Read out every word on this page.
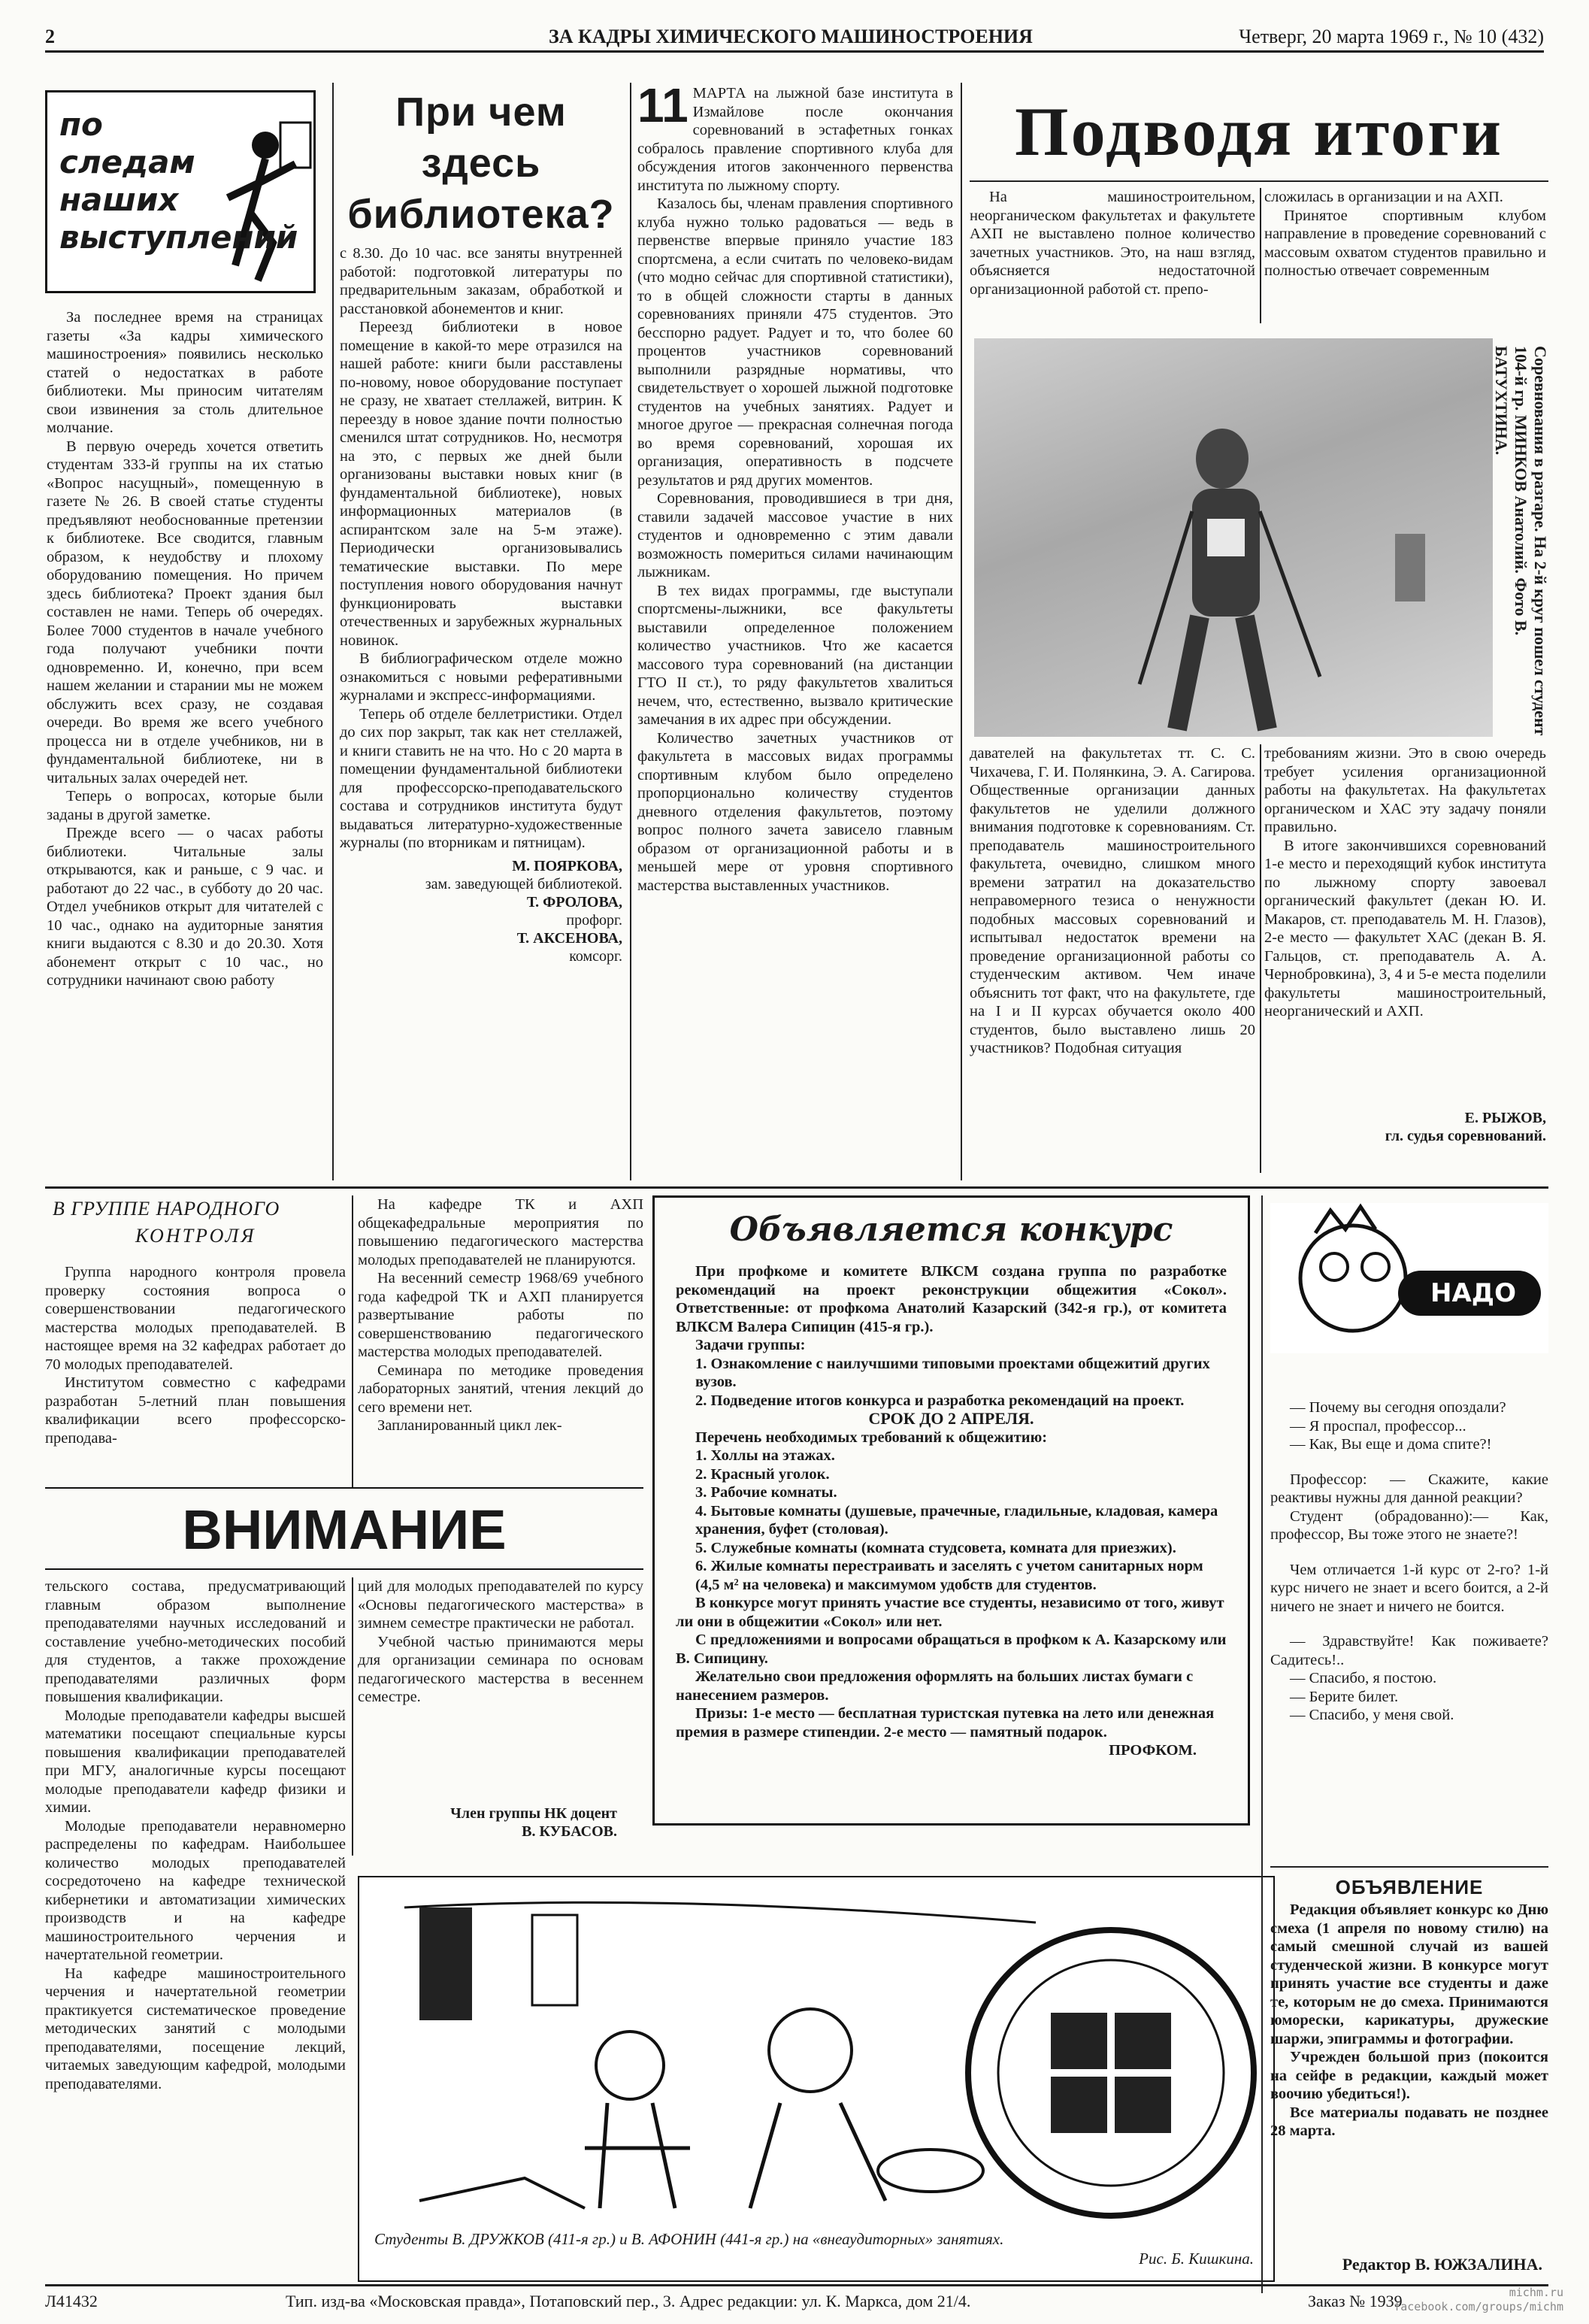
2	ЗА КАДРЫ ХИМИЧЕСКОГО МАШИНОСТРОЕНИЯ	Четверг, 20 марта 1969 г., № 10 (432)
по следам наших выступлений

За последнее время на страницах газеты «За кадры химического машиностроения» появились несколько статей о недостатках в работе библиотеки. Мы приносим читателям свои извинения за столь длительное молчание.

В первую очередь хочется ответить студентам 333-й группы на их статью «Вопрос насущный», помещенную в газете № 26. В своей статье студенты предъявляют необоснованные претензии к библиотеке. Все сводится, главным образом, к неудобству и плохому оборудованию помещения. Но причем здесь библиотека? Проект здания был составлен не нами. Теперь об очередях. Более 7000 студентов в начале учебного года получают учебники почти одновременно. И, конечно, при всем нашем желании и старании мы не можем обслужить всех сразу, не создавая очереди. Во время же всего учебного процесса ни в отделе учебников, ни в фундаментальной библиотеке, ни в читальных залах очередей нет.

Теперь о вопросах, которые были заданы в другой заметке.

Прежде всего — о часах работы библиотеки. Читальные залы открываются, как и раньше, с 9 час. и работают до 22 час., в субботу до 20 час. Отдел учебников открыт для читателей с 10 час., однако на аудиторные занятия книги выдаются с 8.30 и до 20.30. Хотя абонемент открыт с 10 час., но сотрудники начинают свою работу

При чем здесь библиотека?

с 8.30. До 10 час. все заняты внутренней работой: подготовкой литературы по предварительным заказам, обработкой и расстановкой абонементов и книг.

Переезд библиотеки в новое помещение в какой-то мере отразился на нашей работе: книги были расставлены по-новому, новое оборудование поступает не сразу, не хватает стеллажей, витрин. К переезду в новое здание почти полностью сменился штат сотрудников. Но, несмотря на это, с первых же дней были организованы выставки новых книг (в фундаментальной библиотеке), новых информационных материалов (в аспирантском зале на 5-м этаже). Периодически организовывались тематические выставки. По мере поступления нового оборудования начнут функционировать выставки отечественных и зарубежных журнальных новинок.

В библиографическом отделе можно ознакомиться с новыми реферативными журналами и экспресс-информациями.

Теперь об отделе беллетристики. Отдел до сих пор закрыт, так как нет стеллажей, и книги ставить не на что. Но с 20 марта в помещении фундаментальной библиотеки для профессорско-преподавательского состава и сотрудников института будут выдаваться литературно-художественные журналы (по вторникам и пятницам).

М. ПОЯРКОВА,
зам. заведующей библиотекой.
Т. ФРОЛОВА,
профорг.
Т. АКСЕНОВА,
комсорг.
11 МАРТА на лыжной базе института в Измайлове после окончания соревнований в эстафетных гонках собралось правление спортивного клуба для обсуждения итогов законченного первенства института по лыжному спорту.

Казалось бы, членам правления спортивного клуба нужно только радоваться — ведь в первенстве впервые приняло участие 183 спортсмена, а если считать по человеко-видам (что модно сейчас для спортивной статистики), то в общей сложности старты в данных соревнованиях приняли 475 студентов. Это бесспорно радует. Радует и то, что более 60 процентов участников соревнований выполнили разрядные нормативы, что свидетельствует о хорошей лыжной подготовке студентов на учебных занятиях. Радует и многое другое — прекрасная солнечная погода во время соревнований, хорошая их организация, оперативность в подсчете результатов и ряд других моментов.

Соревнования, проводившиеся в три дня, ставили задачей массовое участие в них студентов и одновременно с этим давали возможность помериться силами начинающим лыжникам.

В тех видах программы, где выступали спортсмены-лыжники, все факультеты выставили определенное положением количество участников. Что же касается массового тура соревнований (на дистанции ГТО II ст.), то ряду факультетов хвалиться нечем, что, естественно, вызвало критические замечания в их адрес при обсуждении.

Количество зачетных участников от факультета в массовых видах программы спортивным клубом было определено пропорционально количеству студентов дневного отделения факультетов, поэтому вопрос полного зачета зависело главным образом от организационной работы и в меньшей мере от уровня спортивного мастерства выставленных участников.

Подводя итоги

На машиностроительном, неорганическом факультетах и факультете АХП не выставлено полное количество зачетных участников. Это, на наш взгляд, объясняется недостаточной организационной работой ст. препо-

сложилась в организации и на АХП.

Принятое спортивным клубом направление в проведение соревнований с массовым охватом студентов правильно и полностью отвечает современным

Соревнования в разгаре. На 2-й круг пошел студент 104-й гр. МИНКОВ Анатолий. Фото В. БАТУХТИНА.

давателей на факультетах тт. С. С. Чихачева, Г. И. Полянкина, Э. А. Сагирова. Общественные организации данных факультетов не уделили должного внимания подготовке к соревнованиям. Ст. преподаватель машиностроительного факультета, очевидно, слишком много времени затратил на доказательство неправомерного тезиса о ненужности подобных массовых соревнований и испытывал недостаток времени на проведение организационной работы со студенческим активом. Чем иначе объяснить тот факт, что на факультете, где на I и II курсах обучается около 400 студентов, было выставлено лишь 20 участников? Подобная ситуация

требованиям жизни. Это в свою очередь требует усиления организационной работы на факультетах. На факультетах органическом и ХАС эту задачу поняли правильно.

В итоге закончившихся соревнований 1-е место и переходящий кубок института по лыжному спорту завоевал органический факультет (декан Ю. И. Макаров, ст. преподаватель М. Н. Глазов), 2-е место — факультет ХАС (декан В. Я. Гальцов, ст. преподаватель А. А. Чернобровкина), 3, 4 и 5-е места поделили факультеты машиностроительный, неорганический и АХП.

Е. РЫЖОВ,
гл. судья соревнований.
В ГРУППЕ НАРОДНОГО
КОНТРОЛЯ

Группа народного контроля провела проверку состояния вопроса о совершенствовании педагогического мастерства молодых преподавателей. В настоящее время на 32 кафедрах работает до 70 молодых преподавателей.

Институтом совместно с кафедрами разработан 5-летний план повышения квалификации всего профессорско-преподава-

На кафедре ТК и АХП общекафедральные мероприятия по повышению педагогического мастерства молодых преподавателей не планируются.

На весенний семестр 1968/69 учебного года кафедрой ТК и АХП планируется развертывание работы по совершенствованию педагогического мастерства молодых преподавателей.

Семинара по методике проведения лабораторных занятий, чтения лекций до сего времени нет.

Запланированный цикл лек-

ВНИМАНИЕ

тельского состава, предусматривающий главным образом выполнение преподавателями научных исследований и составление учебно-методических пособий для студентов, а также прохождение преподавателями различных форм повышения квалификации.

Молодые преподаватели кафедры высшей математики посещают специальные курсы повышения квалификации преподавателей при МГУ, аналогичные курсы посещают молодые преподаватели кафедр физики и химии.

Молодые преподаватели неравномерно распределены по кафедрам. Наибольшее количество молодых преподавателей сосредоточено на кафедре технической кибернетики и автоматизации химических производств и на кафедре машиностроительного черчения и начертательной геометрии.

На кафедре машиностроительного черчения и начертательной геометрии практикуется систематическое проведение методических занятий с молодыми преподавателями, посещение лекций, читаемых заведующим кафедрой, молодыми преподавателями.

ций для молодых преподавателей по курсу «Основы педагогического мастерства» в зимнем семестре практически не работал.

Учебной частью принимаются меры для организации семинара по основам педагогического мастерства в весеннем семестре.

Член группы НК доцент
В. КУБАСОВ.
Объявляется конкурс

При профкоме и комитете ВЛКСМ создана группа по разработке рекомендаций на проект реконструкции общежития «Сокол». Ответственные: от профкома Анатолий Казарский (342-я гр.), от комитета ВЛКСМ Валера Сипицин (415-я гр.).

Задачи группы:

1. Ознакомление с наилучшими типовыми проектами общежитий других вузов.

2. Подведение итогов конкурса и разработка рекомендаций на проект.

СРОК ДО 2 АПРЕЛЯ.

Перечень необходимых требований к общежитию:

1. Холлы на этажах.

2. Красный уголок.

3. Рабочие комнаты.

4. Бытовые комнаты (душевые, прачечные, гладильные, кладовая, камера хранения, буфет (столовая).

5. Служебные комнаты (комната студсовета, комната для приезжих).

6. Жилые комнаты перестраивать и заселять с учетом санитарных норм (4,5 м² на человека) и максимумом удобств для студентов.

В конкурсе могут принять участие все студенты, независимо от того, живут ли они в общежитии «Сокол» или нет.

С предложениями и вопросами обращаться в профком к А. Казарскому или В. Сипицину.

Желательно свои предложения оформлять на больших листах бумаги с нанесением размеров.

Призы: 1-е место — бесплатная туристская путевка на лето или денежная премия в размере стипендии. 2-е место — памятный подарок.

ПРОФКОМ.

Студенты В. ДРУЖКОВ (411-я гр.) и В. АФОНИН (441-я гр.) на «внеаудиторных» занятиях.
Рис. Б. Кишкина.
НАДО ЖЕ

— Почему вы сегодня опоздали?

— Я проспал, профессор...

— Как, Вы еще и дома спите?!

Профессор: — Скажите, какие реактивы нужны для данной реакции?

Студент (обрадованно):— Как, профессор, Вы тоже этого не знаете?!

Чем отличается 1-й курс от 2-го? 1-й курс ничего не знает и всего боится, а 2-й ничего не знает и ничего не боится.

— Здравствуйте! Как поживаете? Садитесь!..

— Спасибо, я постою.

— Берите билет.

— Спасибо, у меня свой.

ОБЪЯВЛЕНИЕ

Редакция объявляет конкурс ко Дню смеха (1 апреля по новому стилю) на самый смешной случай из вашей студенческой жизни. В конкурсе могут принять участие все студенты и даже те, которым не до смеха. Принимаются юморески, карикатуры, дружеские шаржи, эпиграммы и фотографии.

Учрежден большой приз (покоится на сейфе в редакции, каждый может воочию убедиться!).

Все материалы подавать не позднее 28 марта.

Редактор В. ЮЖЗАЛИНА.
Л41432	Тип. изд-ва «Московская правда», Потаповский пер., 3. Адрес редакции: ул. К. Маркса, дом 21/4.	Заказ № 1939	michm.ru
facebook.com/groups/michm
